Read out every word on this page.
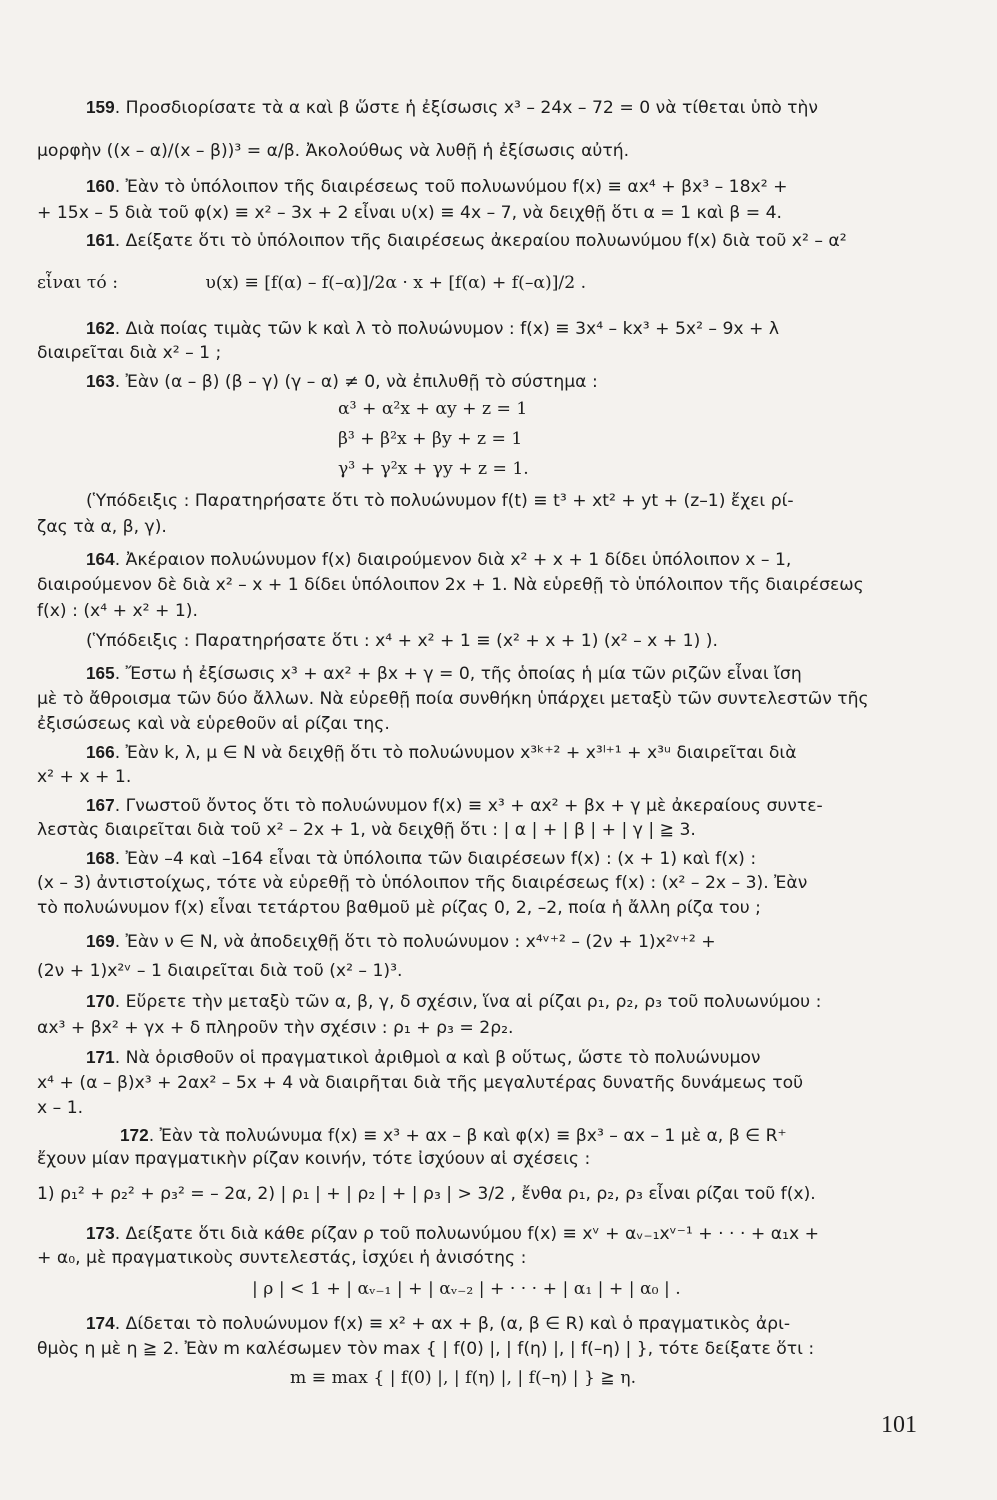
159. Προσδιορίσατε τὰ α καὶ β ὥστε ἡ ἐξίσωσις x³ – 24x – 72 = 0 νὰ τίθεται ὑπὸ τὴν
μορφὴν ((x – α)/(x – β))³ = α/β. Ἀκολούθως νὰ λυθῇ ἡ ἐξίσωσις αὐτή.
160. Ἐὰν τὸ ὑπόλοιπον τῆς διαιρέσεως τοῦ πολυωνύμου f(x) ≡ αx⁴ + βx³ – 18x² +
+ 15x – 5 διὰ τοῦ φ(x) ≡ x² – 3x + 2 εἶναι υ(x) ≡ 4x – 7, νὰ δειχθῇ ὅτι α = 1 καὶ β = 4.
161. Δείξατε ὅτι τὸ ὑπόλοιπον τῆς διαιρέσεως ἀκεραίου πολυωνύμου f(x) διὰ τοῦ x² – α²
εἶναι τό :                υ(x) ≡ [f(α) – f(–α)]/2α · x + [f(α) + f(–α)]/2 .
162. Διὰ ποίας τιμὰς τῶν k καὶ λ τὸ πολυώνυμον : f(x) ≡ 3x⁴ – kx³ + 5x² – 9x + λ
διαιρεῖται διὰ x² – 1 ;
163. Ἐὰν (α – β) (β – γ) (γ – α) ≠ 0, νὰ ἐπιλυθῇ τὸ σύστημα :
α³ + α²x + αy + z = 1
β³ + β²x + βy + z = 1
γ³ + γ²x + γy + z = 1.
(Ὑπόδειξις : Παρατηρήσατε ὅτι τὸ πολυώνυμον f(t) ≡ t³ + xt² + yt + (z–1) ἔχει ρί-
ζας τὰ α, β, γ).
164. Ἀκέραιον πολυώνυμον f(x) διαιρούμενον διὰ x² + x + 1 δίδει ὑπόλοιπον x – 1,
διαιρούμενον δὲ διὰ x² – x + 1 δίδει ὑπόλοιπον 2x + 1. Νὰ εὑρεθῇ τὸ ὑπόλοιπον τῆς διαιρέσεως
f(x) : (x⁴ + x² + 1).
(Ὑπόδειξις : Παρατηρήσατε ὅτι : x⁴ + x² + 1 ≡ (x² + x + 1) (x² – x + 1) ).
165. Ἔστω ἡ ἐξίσωσις x³ + αx² + βx + γ = 0, τῆς ὁποίας ἡ μία τῶν ριζῶν εἶναι ἴση
μὲ τὸ ἄθροισμα τῶν δύο ἄλλων. Νὰ εὑρεθῇ ποία συνθήκη ὑπάρχει μεταξὺ τῶν συντελεστῶν τῆς
ἐξισώσεως καὶ νὰ εὑρεθοῦν αἱ ρίζαι της.
166. Ἐὰν k, λ, μ ∈ N νὰ δειχθῇ ὅτι τὸ πολυώνυμον x³ᵏ⁺² + x³ˡ⁺¹ + x³ᵘ διαιρεῖται διὰ
x² + x + 1.
167. Γνωστοῦ ὄντος ὅτι τὸ πολυώνυμον f(x) ≡ x³ + αx² + βx + γ μὲ ἀκεραίους συντε-
λεστὰς διαιρεῖται διὰ τοῦ x² – 2x + 1, νὰ δειχθῇ ὅτι : | α | + | β | + | γ | ≧ 3.
168. Ἐὰν –4 καὶ –164 εἶναι τὰ ὑπόλοιπα τῶν διαιρέσεων f(x) : (x + 1) καὶ f(x) :
(x – 3) ἀντιστοίχως, τότε νὰ εὑρεθῇ τὸ ὑπόλοιπον τῆς διαιρέσεως f(x) : (x² – 2x – 3). Ἐὰν
τὸ πολυώνυμον f(x) εἶναι τετάρτου βαθμοῦ μὲ ρίζας 0, 2, –2, ποία ἡ ἄλλη ρίζα του ;
169. Ἐὰν ν ∈ N, νὰ ἀποδειχθῇ ὅτι τὸ πολυώνυμον : x⁴ᵛ⁺² – (2ν + 1)x²ᵛ⁺² +
(2ν + 1)x²ᵛ – 1 διαιρεῖται διὰ τοῦ (x² – 1)³.
170. Εὕρετε τὴν μεταξὺ τῶν α, β, γ, δ σχέσιν, ἵνα αἱ ρίζαι ρ₁, ρ₂, ρ₃ τοῦ πολυωνύμου :
αx³ + βx² + γx + δ πληροῦν τὴν σχέσιν : ρ₁ + ρ₃ = 2ρ₂.
171. Νὰ ὁρισθοῦν οἱ πραγματικοὶ ἀριθμοὶ α καὶ β οὕτως, ὥστε τὸ πολυώνυμον
x⁴ + (α – β)x³ + 2αx² – 5x + 4 νὰ διαιρῆται διὰ τῆς μεγαλυτέρας δυνατῆς δυνάμεως τοῦ
x – 1.
172. Ἐὰν τὰ πολυώνυμα f(x) ≡ x³ + αx – β καὶ φ(x) ≡ βx³ – αx – 1 μὲ α, β ∈ R⁺
ἔχουν μίαν πραγματικὴν ρίζαν κοινήν, τότε ἰσχύουν αἱ σχέσεις :
1) ρ₁² + ρ₂² + ρ₃² = – 2α, 2) | ρ₁ | + | ρ₂ | + | ρ₃ | > 3/2 , ἔνθα ρ₁, ρ₂, ρ₃ εἶναι ρίζαι τοῦ f(x).
173. Δείξατε ὅτι διὰ κάθε ρίζαν ρ τοῦ πολυωνύμου f(x) ≡ xᵛ + αᵥ₋₁xᵛ⁻¹ + · · · + α₁x +
+ α₀, μὲ πραγματικοὺς συντελεστάς, ἰσχύει ἡ ἀνισότης :
| ρ | < 1 + | αᵥ₋₁ | + | αᵥ₋₂ | + · · · + | α₁ | + | α₀ | .
174. Δίδεται τὸ πολυώνυμον f(x) ≡ x² + αx + β, (α, β ∈ R) καὶ ὁ πραγματικὸς ἀρι-
θμὸς η μὲ η ≧ 2. Ἐὰν m καλέσωμεν τὸν max { | f(0) |, | f(η) |, | f(–η) | }, τότε δείξατε ὅτι :
m ≡ max { | f(0) |, | f(η) |, | f(–η) | } ≧ η.
101
